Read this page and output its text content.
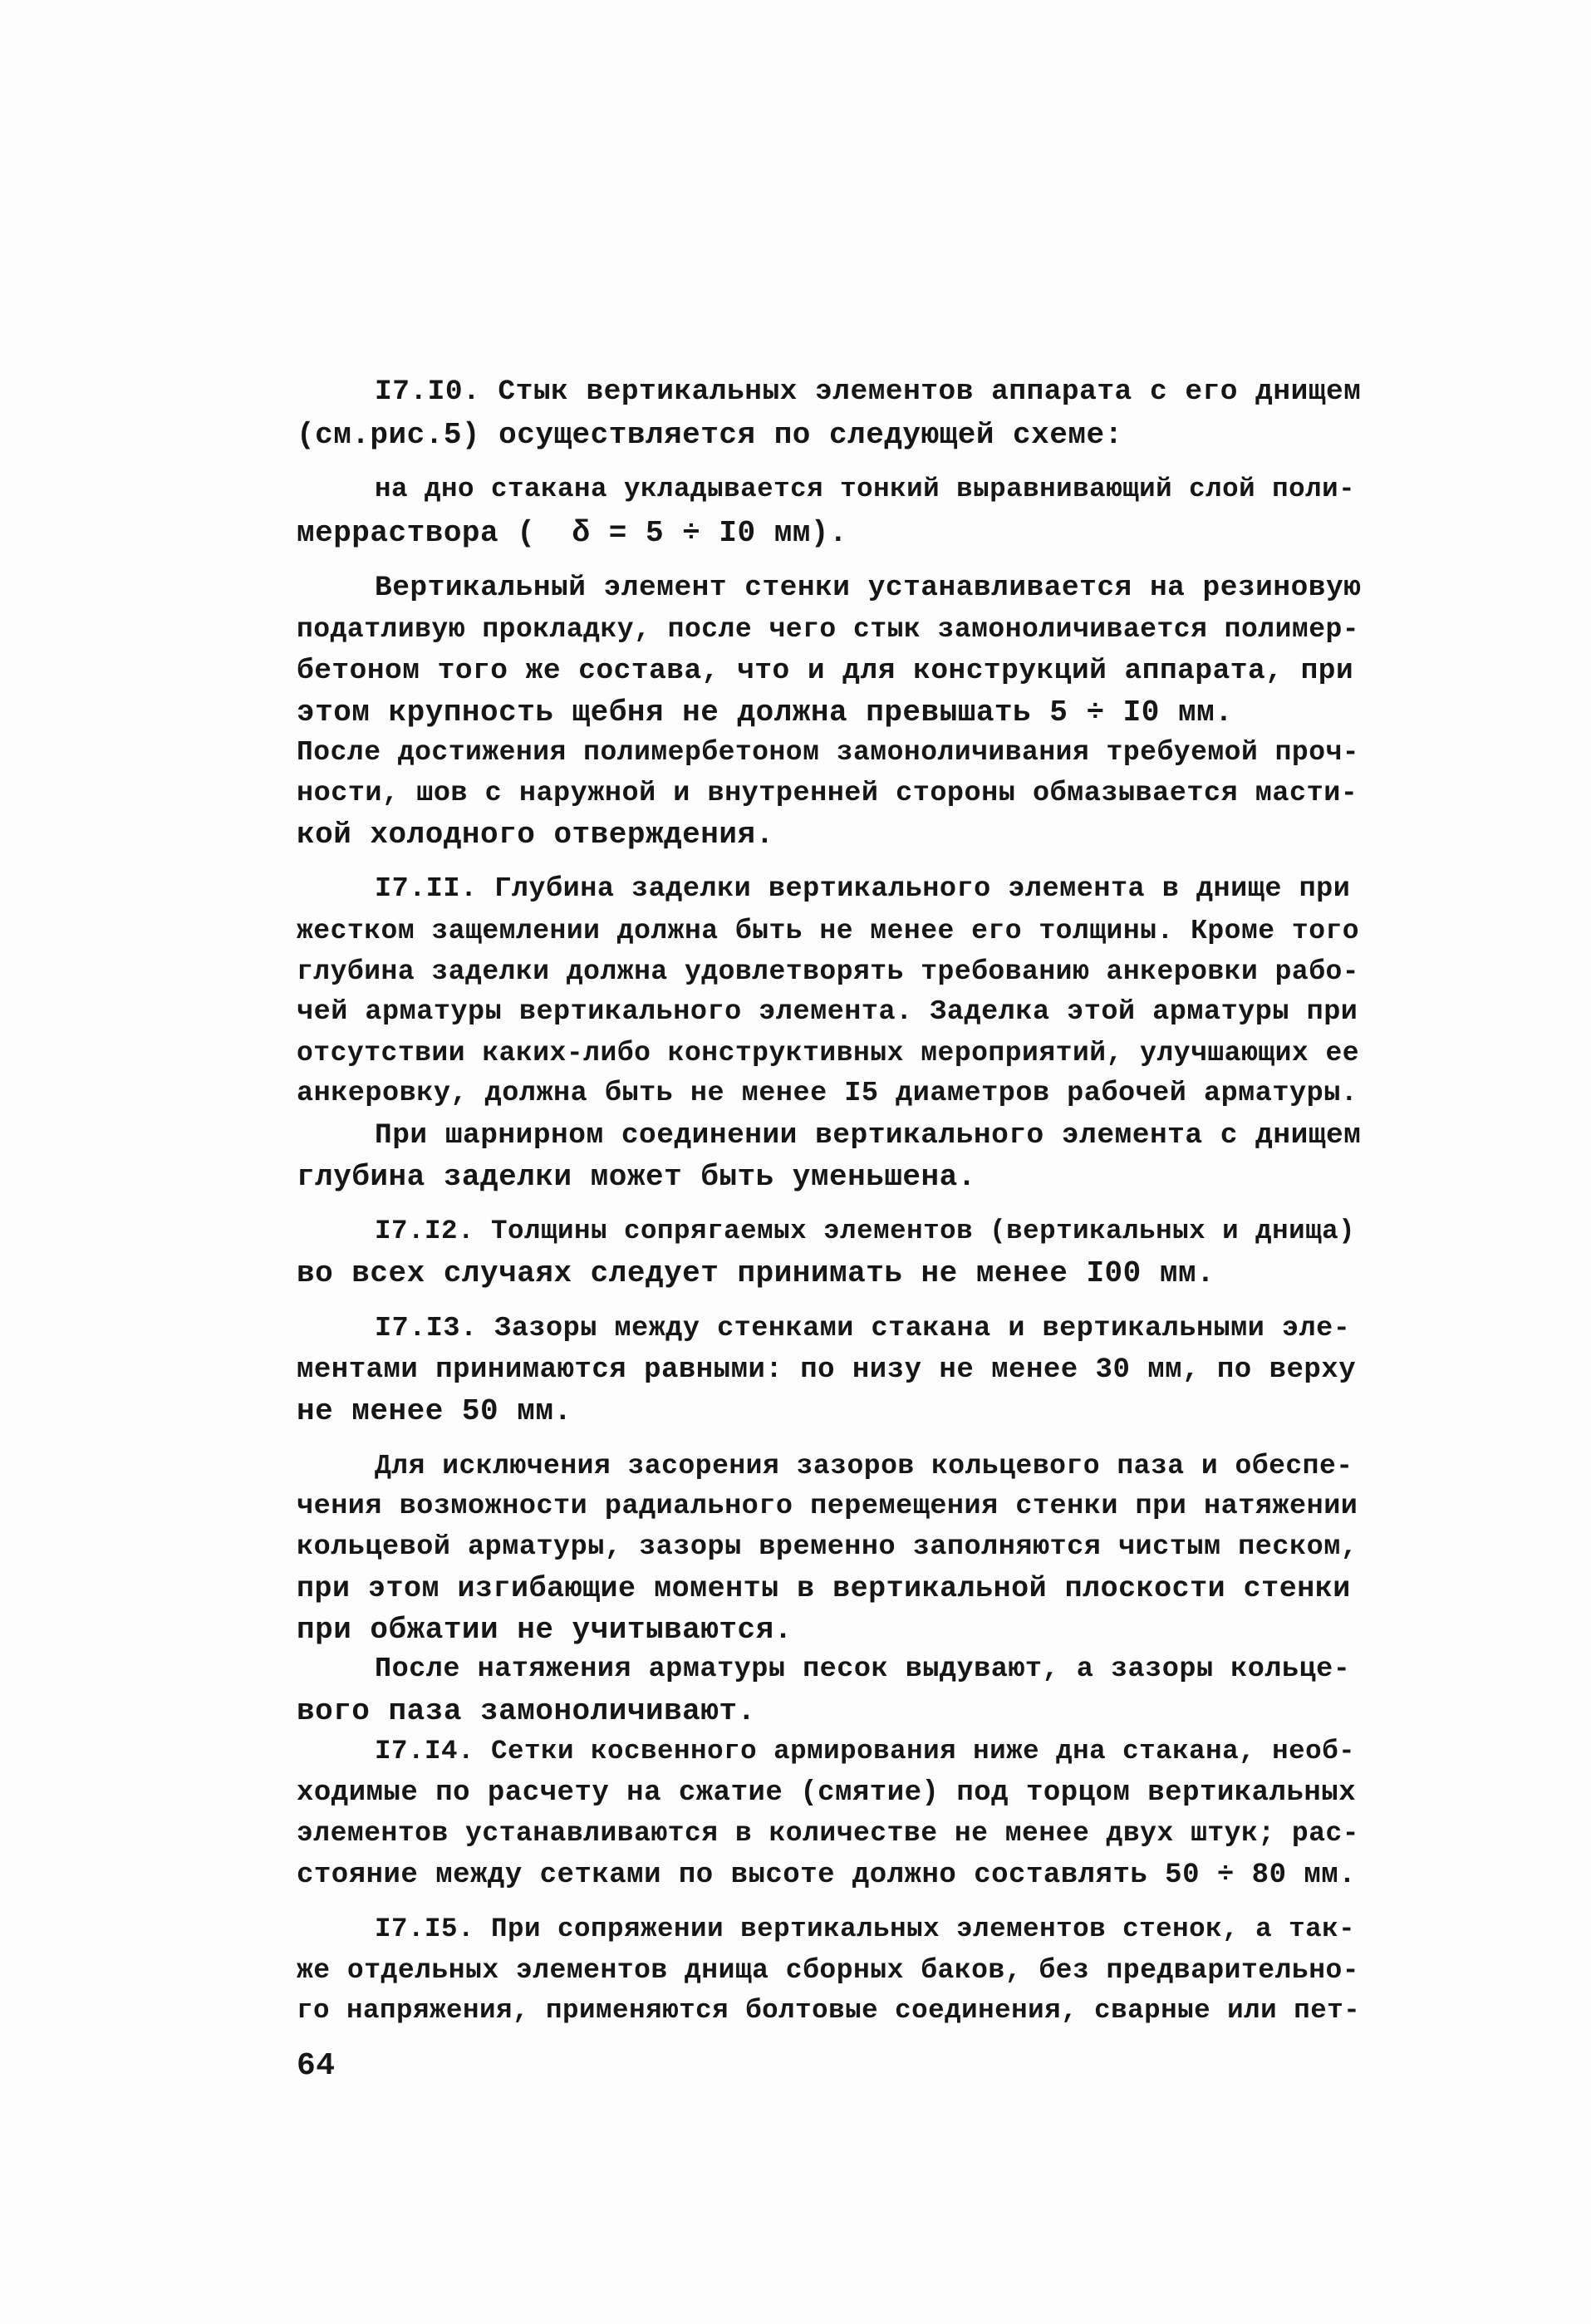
I7.I0. Стык вертикальных элементов аппарата с его днищем

(см.рис.5) осуществляется по следующей схеме:

на дно стакана укладывается тонкий выравнивающий слой поли-

мерраствора (  δ = 5 ÷ I0 мм).

Вертикальный элемент стенки устанавливается на резиновую

податливую прокладку, после чего стык замоноличивается полимер-

бетоном того же состава, что и для конструкций аппарата, при

этом крупность щебня не должна превышать 5 ÷ I0 мм.

После достижения полимербетоном замоноличивания требуемой проч-

ности, шов с наружной и внутренней стороны обмазывается масти-

кой холодного отверждения.

I7.II. Глубина заделки вертикального элемента в днище при

жестком защемлении должна быть не менее его толщины. Кроме того

глубина заделки должна удовлетворять требованию анкеровки рабо-

чей арматуры вертикального элемента. Заделка этой арматуры при

отсутствии каких-либо конструктивных мероприятий, улучшающих ее

анкеровку, должна быть не менее I5 диаметров рабочей арматуры.

При шарнирном соединении вертикального элемента с днищем

глубина заделки может быть уменьшена.

I7.I2. Толщины сопрягаемых элементов (вертикальных и днища)

во всех случаях следует принимать не менее I00 мм.

I7.I3. Зазоры между стенками стакана и вертикальными эле-

ментами принимаются равными: по низу не менее 30 мм, по верху

не менее 50 мм.

Для исключения засорения зазоров кольцевого паза и обеспе-

чения возможности радиального перемещения стенки при натяжении

кольцевой арматуры, зазоры временно заполняются чистым песком,

при этом изгибающие моменты в вертикальной плоскости стенки

при обжатии не учитываются.

После натяжения арматуры песок выдувают, а зазоры кольце-

вого паза замоноличивают.

I7.I4. Сетки косвенного армирования ниже дна стакана, необ-

ходимые по расчету на сжатие (смятие) под торцом вертикальных

элементов устанавливаются в количестве не менее двух штук; рас-

стояние между сетками по высоте должно составлять 50 ÷ 80 мм.

I7.I5. При сопряжении вертикальных элементов стенок, а так-

же отдельных элементов днища сборных баков, без предварительно-

го напряжения, применяются болтовые соединения, сварные или пет-

64
